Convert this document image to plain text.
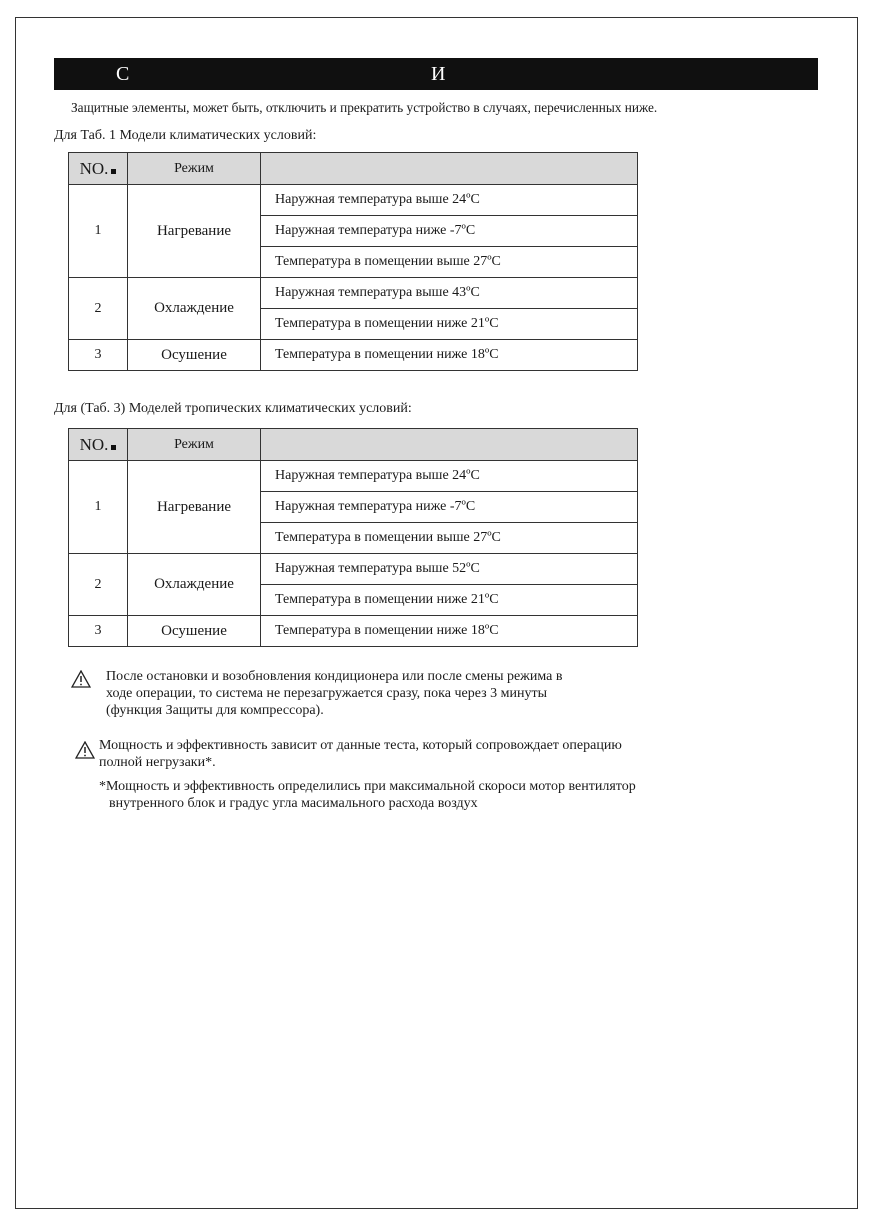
С	И
Защитные элементы, может быть, отключить и прекратить устройство в случаях, перечисленных ниже.
Для Таб. 1 Модели климатических условий:
NO.	Режим	
1	Нагревание	Наружная температура выше 24ºC
		Наружная температура ниже -7ºC
		Температура в помещении выше 27ºC
2	Охлаждение	Наружная температура выше 43ºC
		Температура в помещении ниже 21ºC
3	Осушение	Температура в помещении ниже 18ºC
Для (Таб. 3) Моделей тропических климатических условий:
NO.	Режим	
1	Нагревание	Наружная температура выше 24ºC
		Наружная температура ниже -7ºC
		Температура в помещении выше 27ºC
2	Охлаждение	Наружная температура выше 52ºC
		Температура в помещении ниже 21ºC
3	Осушение	Температура в помещении ниже 18ºC
После остановки и возобновления кондиционера или после смены режима в
ходе операции, то система не перезагружается сразу, пока через 3 минуты
(функция Защиты для компрессора).
Мощность и эффективность зависит от данные теста, который сопровождает операцию
полной негрузаки*.
*Мощность и эффективность определились при максимальной скороси мотор вентилятор
внутренного блок и градус угла масимального расхода воздух
